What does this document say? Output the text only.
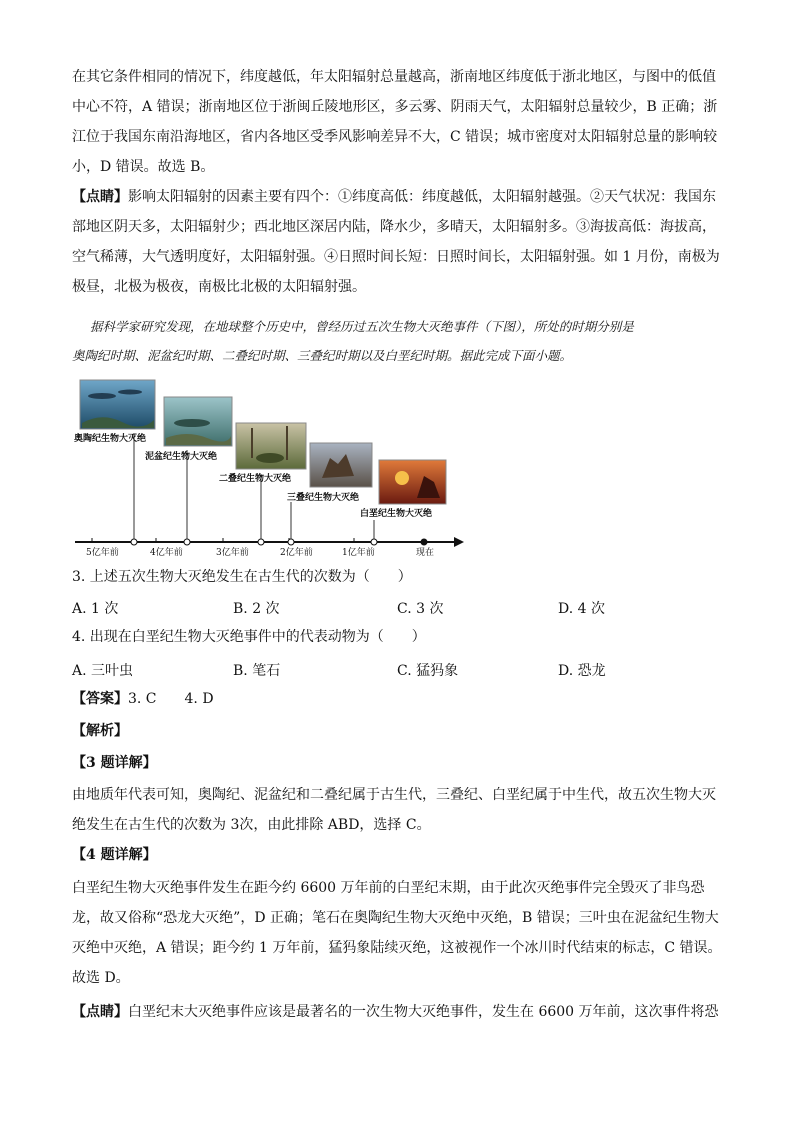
在其它条件相同的情况下，纬度越低，年太阳辐射总量越高，浙南地区纬度低于浙北地区，与图中的低值
中心不符，A 错误；浙南地区位于浙闽丘陵地形区，多云雾、阴雨天气，太阳辐射总量较少，B 正确；浙
江位于我国东南沿海地区，省内各地区受季风影响差异不大，C 错误；城市密度对太阳辐射总量的影响较
小，D 错误。故选 B。
【点睛】影响太阳辐射的因素主要有四个：①纬度高低：纬度越低，太阳辐射越强。②天气状况：我国东
部地区阴天多，太阳辐射少；西北地区深居内陆，降水少，多晴天，太阳辐射多。③海拔高低：海拔高，
空气稀薄，大气透明度好，太阳辐射强。④日照时间长短：日照时间长，太阳辐射强。如 1 月份，南极为
极昼，北极为极夜，南极比北极的太阳辐射强。
据科学家研究发现，在地球整个历史中，曾经历过五次生物大灭绝事件（下图），所处的时期分别是
奥陶纪时期、泥盆纪时期、二叠纪时期、三叠纪时期以及白垩纪时期。据此完成下面小题。
奥陶纪生物大灭绝
泥盆纪生物大灭绝
二叠纪生物大灭绝
三叠纪生物大灭绝
白垩纪生物大灭绝
5亿年前	4亿年前	3亿年前	2亿年前	1亿年前	现在
3. 上述五次生物大灭绝发生在古生代的次数为（　　）
A. 1 次	B. 2 次	C. 3 次	D. 4 次
4. 出现在白垩纪生物大灭绝事件中的代表动物为（　　）
A. 三叶虫	B. 笔石	C. 猛犸象	D. 恐龙
【答案】3. C　　4. D
【解析】
【3 题详解】
由地质年代表可知，奥陶纪、泥盆纪和二叠纪属于古生代，三叠纪、白垩纪属于中生代，故五次生物大灭
绝发生在古生代的次数为 3次，由此排除 ABD，选择 C。
【4 题详解】
白垩纪生物大灭绝事件发生在距今约 6600 万年前的白垩纪末期，由于此次灭绝事件完全毁灭了非鸟恐
龙，故又俗称“恐龙大灭绝”，D 正确；笔石在奥陶纪生物大灭绝中灭绝，B 错误；三叶虫在泥盆纪生物大
灭绝中灭绝，A 错误；距今约 1 万年前，猛犸象陆续灭绝，这被视作一个冰川时代结束的标志，C 错误。
故选 D。
【点睛】白垩纪末大灭绝事件应该是最著名的一次生物大灭绝事件，发生在 6600 万年前，这次事件将恐
